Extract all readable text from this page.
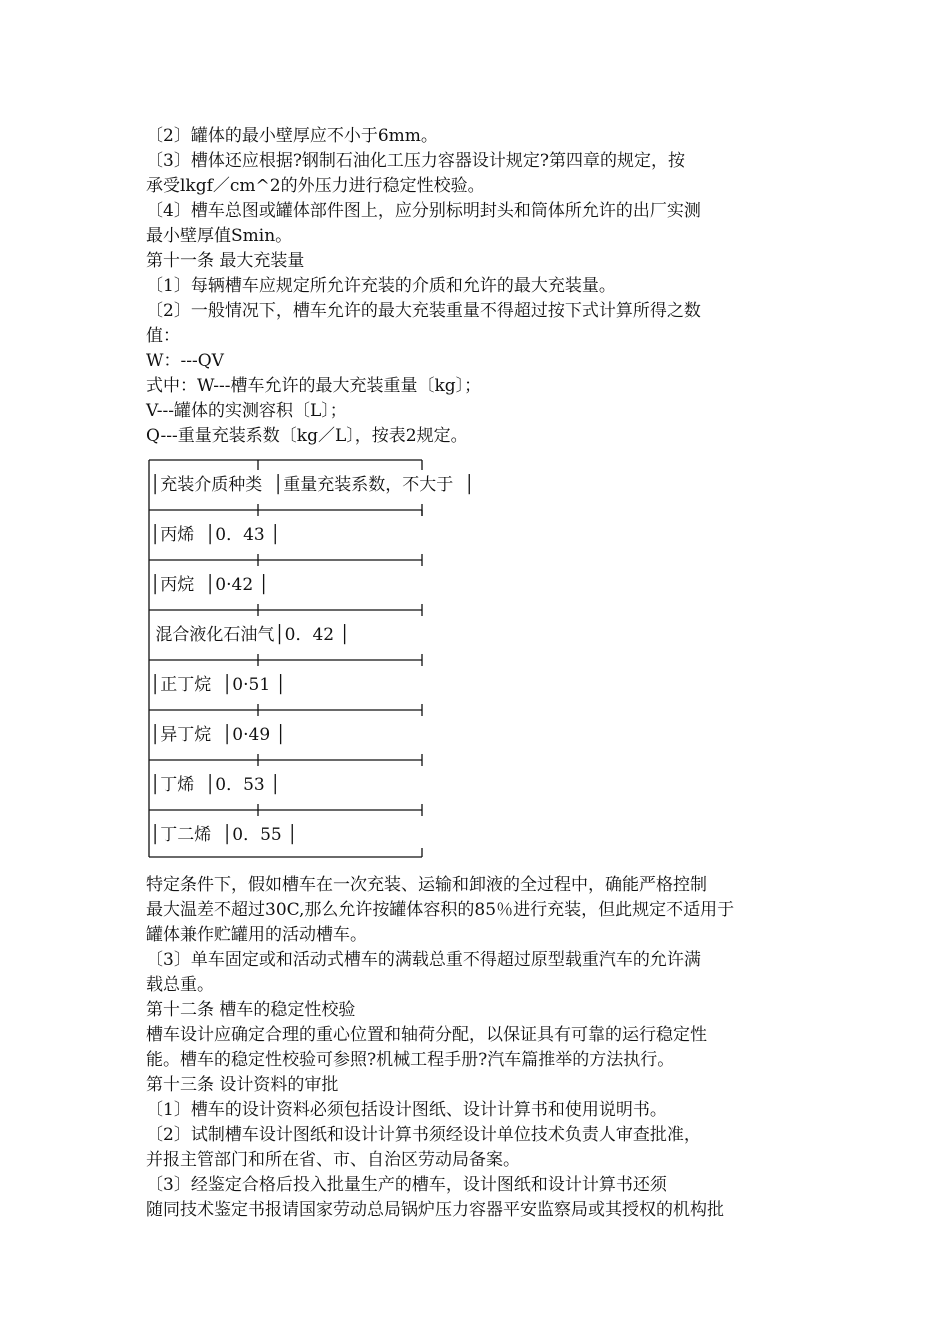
〔2〕罐体的最小壁厚应不小于6mm。
〔3〕槽体还应根据?钢制石油化工压力容器设计规定?第四章的规定，按
承受lkgf／cm^2的外压力进行稳定性校验。
〔4〕槽车总图或罐体部件图上，应分别标明封头和筒体所允许的出厂实测
最小壁厚值Smin。
第十一条 最大充装量
〔1〕每辆槽车应规定所允许充装的介质和允许的最大充装量。
〔2〕一般情况下，槽车允许的最大充装重量不得超过按下式计算所得之数
值：
W：---QV
式中：W---槽车允许的最大充装重量〔kg〕；
V---罐体的实测容积〔L〕；
Q---重量充装系数〔kg／L〕，按表2规定。
│充装介质种类  │重量充装系数，不大于  │
│丙烯  │0．43 │
│丙烷  │0·42 │
混合液化石油气│0．42 │
│正丁烷  │0·51 │
│异丁烷  │0·49 │
│丁烯  │0．53 │
│丁二烯  │0．55 │
特定条件下，假如槽车在一次充装、运输和卸液的全过程中，确能严格控制
最大温差不超过30C,那么允许按罐体容积的85％进行充装，但此规定不适用于
罐体兼作贮罐用的活动槽车。
〔3〕单车固定或和活动式槽车的满载总重不得超过原型载重汽车的允许满
载总重。
第十二条 槽车的稳定性校验
槽车设计应确定合理的重心位置和轴荷分配，以保证具有可靠的运行稳定性
能。槽车的稳定性校验可参照?机械工程手册?汽车篇推举的方法执行。
第十三条 设计资料的审批
〔1〕槽车的设计资料必须包括设计图纸、设计计算书和使用说明书。
〔2〕试制槽车设计图纸和设计计算书须经设计单位技术负责人审查批准，
并报主管部门和所在省、市、自治区劳动局备案。
〔3〕经鉴定合格后投入批量生产的槽车，设计图纸和设计计算书还须
随同技术鉴定书报请国家劳动总局锅炉压力容器平安监察局或其授权的机构批
